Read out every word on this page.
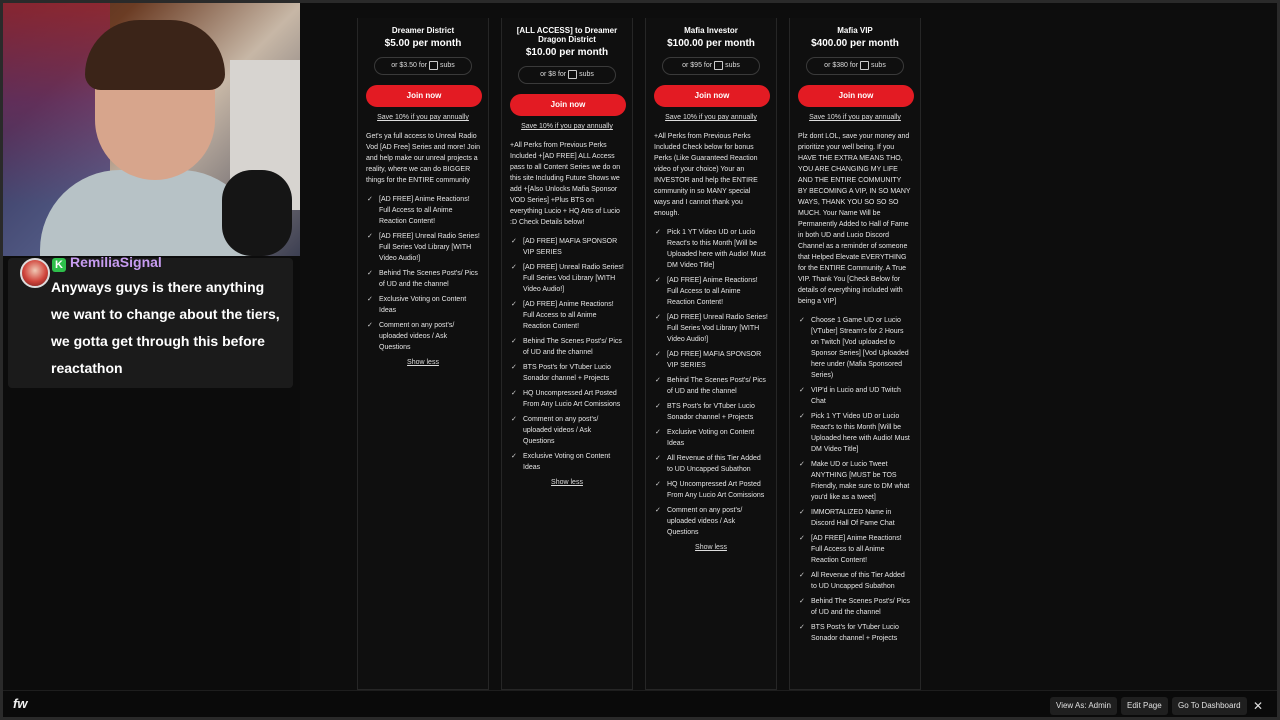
K RemiliaSignal
Anyways guys is there anything we want to change about the tiers, we gotta get through this before reactathon
Dreamer District
$5.00 per month
or $3.50 for subs
Join now
Save 10% if you pay annually
Get's ya full access to Unreal Radio Vod [AD Free] Series and more! Join and help make our unreal projects a reality, where we can do BIGGER things for the ENTIRE community
✓ [AD FREE] Anime Reactions! Full Access to all Anime Reaction Content!
✓ [AD FREE] Unreal Radio Series! Full Series Vod Library [WITH Video Audio!]
✓ Behind The Scenes Post's/ Pics of UD and the channel
✓ Exclusive Voting on Content Ideas
✓ Comment on any post's/ uploaded videos / Ask Questions
Show less
[ALL ACCESS] to Dreamer Dragon District
$10.00 per month
or $8 for subs
Join now
Save 10% if you pay annually
+All Perks from Previous Perks Included +[AD FREE] ALL Access pass to all Content Series we do on this site Including Future Shows we add +[Also Unlocks Mafia Sponsor VOD Series] +Plus BTS on everything Lucio + HQ Arts of Lucio :D Check Details below!
✓ [AD FREE] MAFIA SPONSOR VIP SERIES
✓ [AD FREE] Unreal Radio Series! Full Series Vod Library [WITH Video Audio!]
✓ [AD FREE] Anime Reactions! Full Access to all Anime Reaction Content!
✓ Behind The Scenes Post's/ Pics of UD and the channel
✓ BTS Post's for VTuber Lucio Sonador channel + Projects
✓ HQ Uncompressed Art Posted From Any Lucio Art Comissions
✓ Comment on any post's/ uploaded videos / Ask Questions
✓ Exclusive Voting on Content Ideas
Show less
Mafia Investor
$100.00 per month
or $95 for subs
Join now
Save 10% if you pay annually
+All Perks from Previous Perks Included Check below for bonus Perks (Like Guaranteed Reaction video of your choice) Your an INVESTOR and help the ENTIRE community in so MANY special ways and I cannot thank you enough.
✓ Pick 1 YT Video UD or Lucio React's to this Month [Will be Uploaded here with Audio! Must DM Video Title]
✓ [AD FREE] Anime Reactions! Full Access to all Anime Reaction Content!
✓ [AD FREE] Unreal Radio Series! Full Series Vod Library [WITH Video Audio!]
✓ [AD FREE] MAFIA SPONSOR VIP SERIES
✓ Behind The Scenes Post's/ Pics of UD and the channel
✓ BTS Post's for VTuber Lucio Sonador channel + Projects
✓ Exclusive Voting on Content Ideas
✓ All Revenue of this Tier Added to UD Uncapped Subathon
✓ HQ Uncompressed Art Posted From Any Lucio Art Comissions
✓ Comment on any post's/ uploaded videos / Ask Questions
Show less
Mafia VIP
$400.00 per month
or $380 for subs
Join now
Save 10% if you pay annually
Plz dont LOL, save your money and prioritize your well being. If you HAVE THE EXTRA MEANS THO, YOU ARE CHANGING MY LIFE AND THE ENTIRE COMMUNITY BY BECOMING A VIP, IN SO MANY WAYS, THANK YOU SO SO SO MUCH. Your Name Will be Permanently Added to Hall of Fame in both UD and Lucio Discord Channel as a reminder of someone that Helped Elevate EVERYTHING for the ENTIRE Community. A True VIP. Thank You [Check Below for details of everything included with being a VIP]
✓ Choose 1 Game UD or Lucio [VTuber] Stream's for 2 Hours on Twitch [Vod uploaded to Sponsor Series] [Vod Uploaded here under (Mafia Sponsored Series)
✓ VIP'd in Lucio and UD Twitch Chat
✓ Pick 1 YT Video UD or Lucio React's to this Month [Will be Uploaded here with Audio! Must DM Video Title]
✓ Make UD or Lucio Tweet ANYTHING [MUST be TOS Friendly, make sure to DM what you'd like as a tweet]
✓ IMMORTALIZED Name in Discord Hall Of Fame Chat
✓ [AD FREE] Anime Reactions! Full Access to all Anime Reaction Content!
✓ All Revenue of this Tier Added to UD Uncapped Subathon
✓ Behind The Scenes Post's/ Pics of UD and the channel
✓ BTS Post's for VTuber Lucio Sonador channel + Projects
fw	View As: Admin	Edit Page	Go To Dashboard	✕
